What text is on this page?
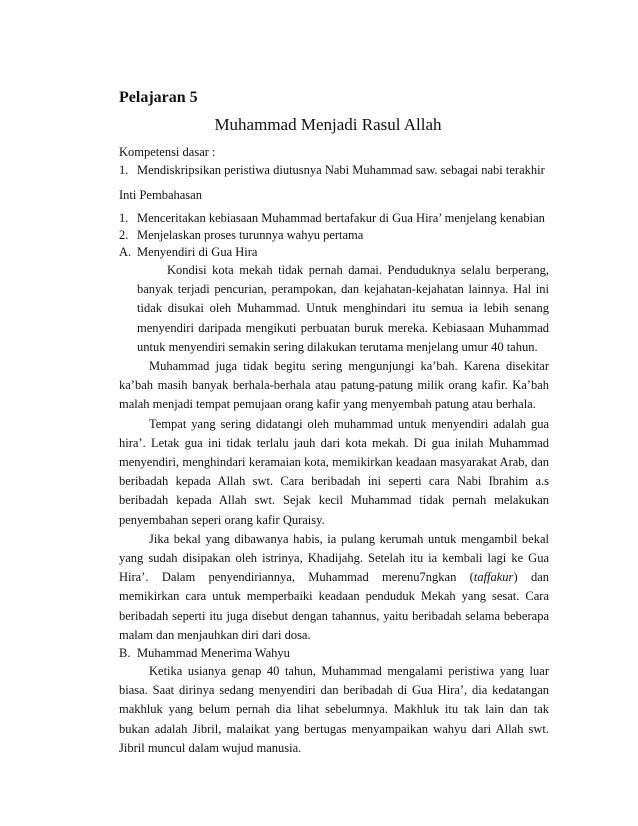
Pelajaran 5
Muhammad Menjadi Rasul Allah
Kompetensi dasar :
1. Mendiskripsikan peristiwa diutusnya Nabi Muhammad saw. sebagai nabi terakhir
Inti Pembahasan
1. Menceritakan kebiasaan Muhammad bertafakur di Gua Hira’ menjelang kenabian
2. Menjelaskan proses turunnya wahyu pertama
A. Menyendiri di Gua Hira

Kondisi kota mekah tidak pernah damai. Penduduknya selalu berperang, banyak terjadi pencurian, perampokan, dan kejahatan-kejahatan lainnya. Hal ini tidak disukai oleh Muhammad. Untuk menghindari itu semua ia lebih senang menyendiri daripada mengikuti perbuatan buruk mereka. Kebiasaan Muhammad untuk menyendiri semakin sering dilakukan terutama menjelang umur 40 tahun.

Muhammad juga tidak begitu sering mengunjungi ka’bah. Karena disekitar ka’bah masih banyak berhala-berhala atau patung-patung milik orang kafir. Ka’bah malah menjadi tempat pemujaan orang kafir yang menyembah patung atau berhala.

Tempat yang sering didatangi oleh muhammad untuk menyendiri adalah gua hira’. Letak gua ini tidak terlalu jauh dari kota mekah. Di gua inilah Muhammad menyendiri, menghindari keramaian kota, memikirkan keadaan masyarakat Arab, dan beribadah kepada Allah swt. Cara beribadah ini seperti cara Nabi Ibrahim a.s beribadah kepada Allah swt. Sejak kecil Muhammad tidak pernah melakukan penyembahan seperi orang kafir Quraisy.

Jika bekal yang dibawanya habis, ia pulang kerumah untuk mengambil bekal yang sudah disipakan oleh istrinya, Khadijahg. Setelah itu ia kembali lagi ke Gua Hira’. Dalam penyendiriannya, Muhammad merenu7ngkan (taffakur) dan memikirkan cara untuk memperbaiki keadaan penduduk Mekah yang sesat. Cara beribadah seperti itu juga disebut dengan tahannus, yaitu beribadah selama beberapa malam dan menjauhkan diri dari dosa.

B. Muhammad Menerima Wahyu

Ketika usianya genap 40 tahun, Muhammad mengalami peristiwa yang luar biasa. Saat dirinya sedang menyendiri dan beribadah di Gua Hira’, dia kedatangan makhluk yang belum pernah dia lihat sebelumnya. Makhluk itu tak lain dan tak bukan adalah Jibril, malaikat yang bertugas menyampaikan wahyu dari Allah swt. Jibril muncul dalam wujud manusia.
